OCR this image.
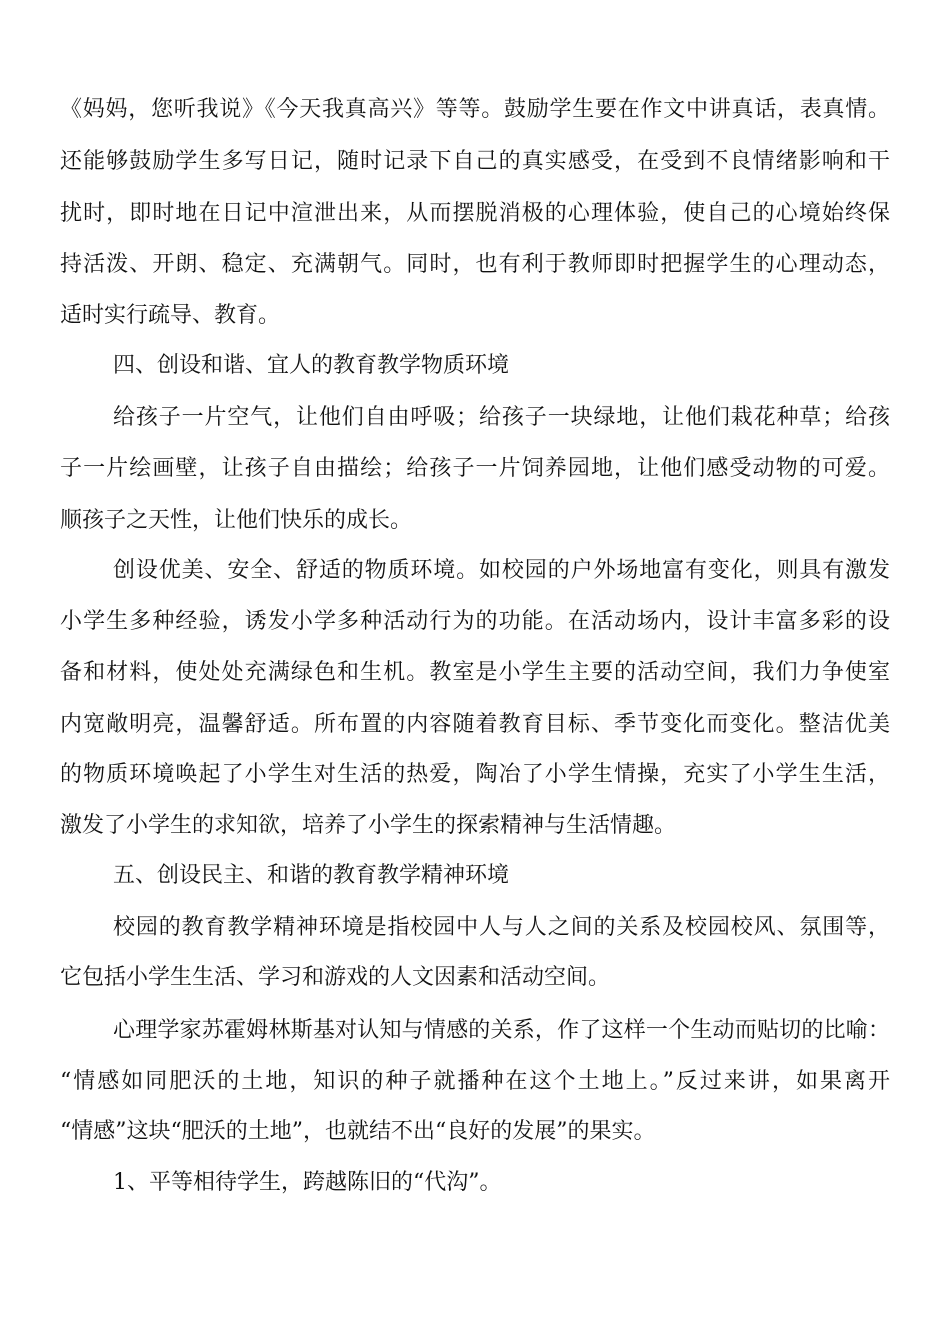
《妈妈，您听我说》《今天我真高兴》等等。鼓励学生要在作文中讲真话，表真情。
还能够鼓励学生多写日记，随时记录下自己的真实感受，在受到不良情绪影响和干
扰时，即时地在日记中渲泄出来，从而摆脱消极的心理体验，使自己的心境始终保
持活泼、开朗、稳定、充满朝气。同时，也有利于教师即时把握学生的心理动态，
适时实行疏导、教育。
四、创设和谐、宜人的教育教学物质环境
给孩子一片空气，让他们自由呼吸；给孩子一块绿地，让他们栽花种草；给孩
子一片绘画壁，让孩子自由描绘；给孩子一片饲养园地，让他们感受动物的可爱。
顺孩子之天性，让他们快乐的成长。
创设优美、安全、舒适的物质环境。如校园的户外场地富有变化，则具有激发
小学生多种经验，诱发小学多种活动行为的功能。在活动场内，设计丰富多彩的设
备和材料，使处处充满绿色和生机。教室是小学生主要的活动空间，我们力争使室
内宽敞明亮，温馨舒适。所布置的内容随着教育目标、季节变化而变化。整洁优美
的物质环境唤起了小学生对生活的热爱，陶冶了小学生情操，充实了小学生生活，
激发了小学生的求知欲，培养了小学生的探索精神与生活情趣。
五、创设民主、和谐的教育教学精神环境
校园的教育教学精神环境是指校园中人与人之间的关系及校园校风、氛围等，
它包括小学生生活、学习和游戏的人文因素和活动空间。
心理学家苏霍姆林斯基对认知与情感的关系，作了这样一个生动而贴切的比喻：
“情感如同肥沃的土地，知识的种子就播种在这个土地上。”反过来讲，如果离开
“情感”这块“肥沃的土地”，也就结不出“良好的发展”的果实。
1、平等相待学生，跨越陈旧的“代沟”。
